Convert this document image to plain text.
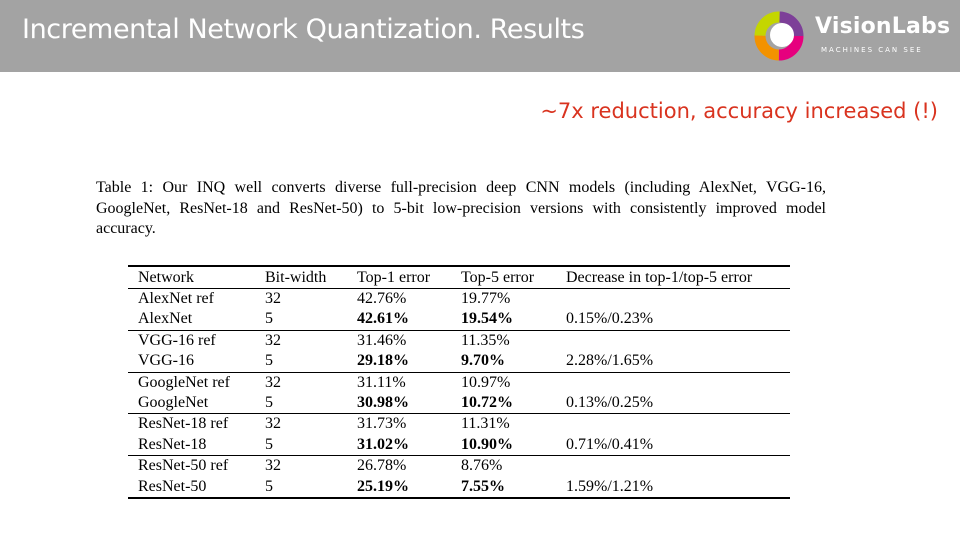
Incremental Network Quantization. Results	VisionLabs
MACHINES CAN SEE
~7x reduction, accuracy increased (!)
Table 1: Our INQ well converts diverse full-precision deep CNN models (including AlexNet, VGG-16, GoogleNet, ResNet-18 and ResNet-50) to 5-bit low-precision versions with consistently improved model accuracy.
Network	Bit-width	Top-1 error	Top-5 error	Decrease in top-1/top-5 error
AlexNet ref	32	42.76%	19.77%	
AlexNet	5	42.61%	19.54%	0.15%/0.23%
VGG-16 ref	32	31.46%	11.35%	
VGG-16	5	29.18%	9.70%	2.28%/1.65%
GoogleNet ref	32	31.11%	10.97%	
GoogleNet	5	30.98%	10.72%	0.13%/0.25%
ResNet-18 ref	32	31.73%	11.31%	
ResNet-18	5	31.02%	10.90%	0.71%/0.41%
ResNet-50 ref	32	26.78%	8.76%	
ResNet-50	5	25.19%	7.55%	1.59%/1.21%
